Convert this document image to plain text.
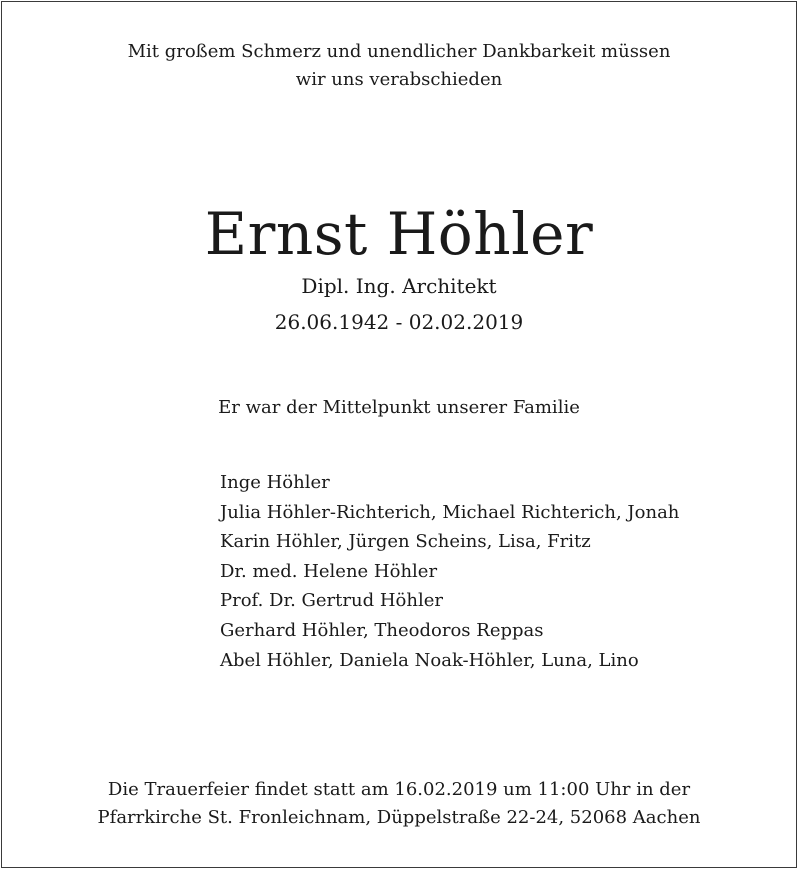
Mit großem Schmerz und unendlicher Dankbarkeit müssen
wir uns verabschieden
Ernst Höhler
Dipl. Ing. Architekt
26.06.1942 - 02.02.2019
Er war der Mittelpunkt unserer Familie
Inge Höhler
Julia Höhler-Richterich, Michael Richterich, Jonah
Karin Höhler, Jürgen Scheins, Lisa, Fritz
Dr. med. Helene Höhler
Prof. Dr. Gertrud Höhler
Gerhard Höhler, Theodoros Reppas
Abel Höhler, Daniela Noak-Höhler, Luna, Lino
Die Trauerfeier findet statt am 16.02.2019 um 11:00 Uhr in der
Pfarrkirche St. Fronleichnam, Düppelstraße 22-24, 52068 Aachen
